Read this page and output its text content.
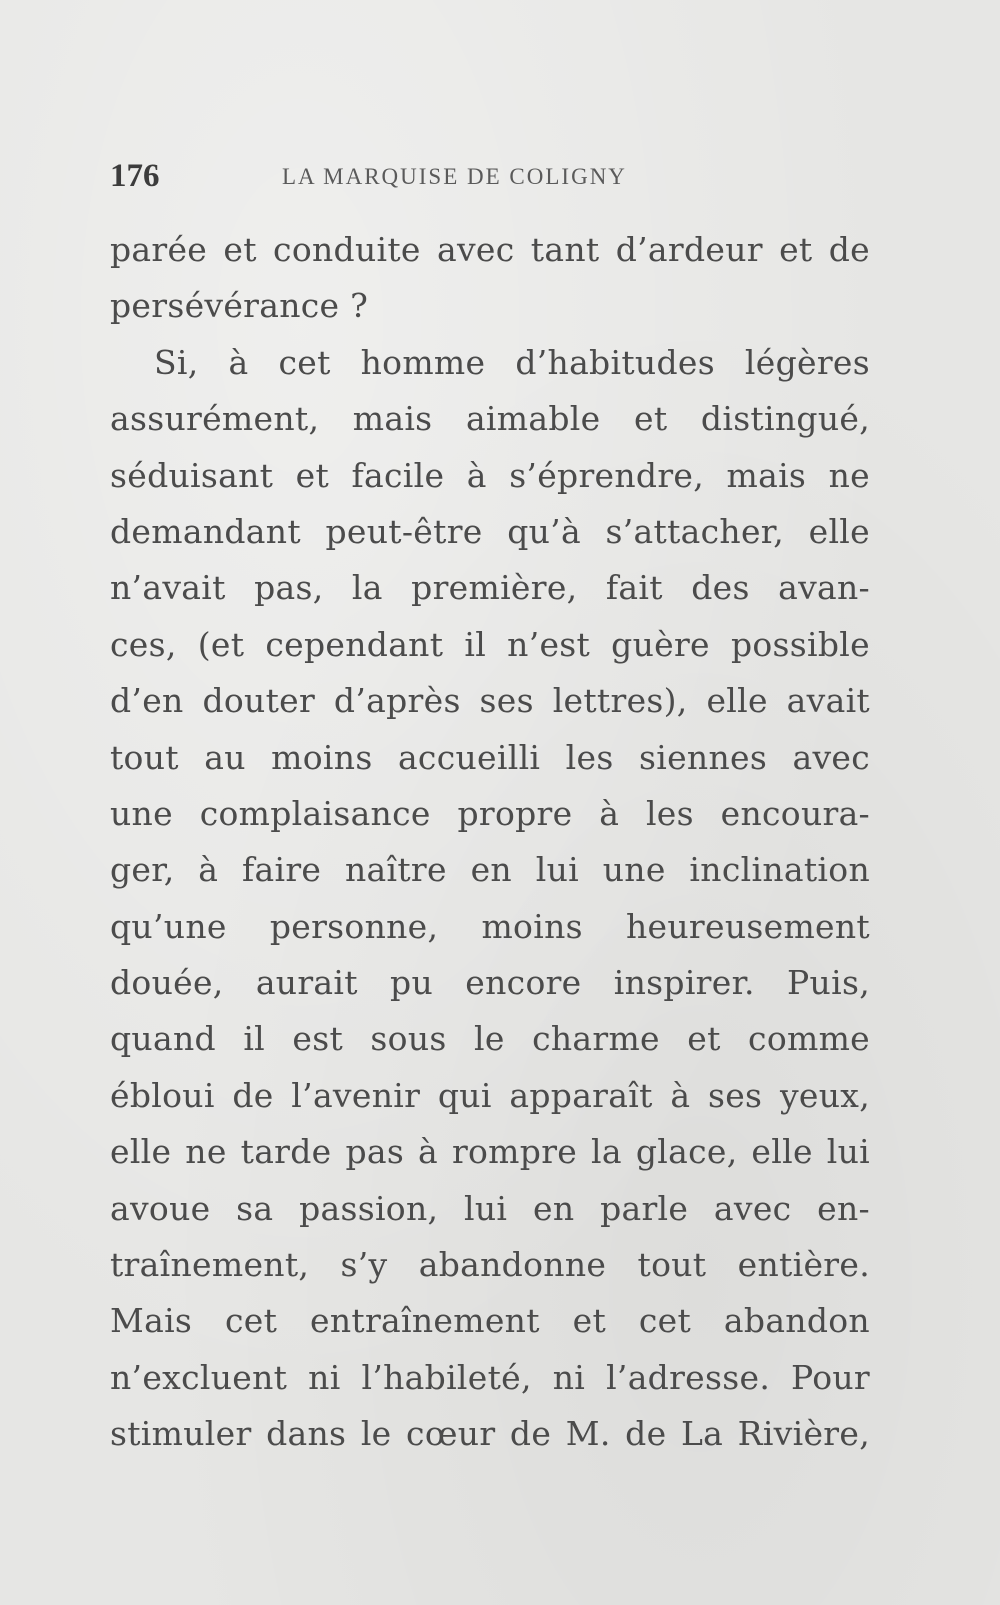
176	LA MARQUISE DE COLIGNY
parée et conduite avec tant d’ardeur et de
persévérance ?
Si, à cet homme d’habitudes légères
assurément, mais aimable et distingué,
séduisant et facile à s’éprendre, mais ne
demandant peut-être qu’à s’attacher, elle
n’avait pas, la première, fait des avan-
ces, (et cependant il n’est guère possible
d’en douter d’après ses lettres), elle avait
tout au moins accueilli les siennes avec
une complaisance propre à les encoura-
ger, à faire naître en lui une inclination
qu’une personne, moins heureusement
douée, aurait pu encore inspirer. Puis,
quand il est sous le charme et comme
ébloui de l’avenir qui apparaît à ses yeux,
elle ne tarde pas à rompre la glace, elle lui
avoue sa passion, lui en parle avec en-
traînement, s’y abandonne tout entière.
Mais cet entraînement et cet abandon
n’excluent ni l’habileté, ni l’adresse. Pour
stimuler dans le cœur de M. de La Rivière,
